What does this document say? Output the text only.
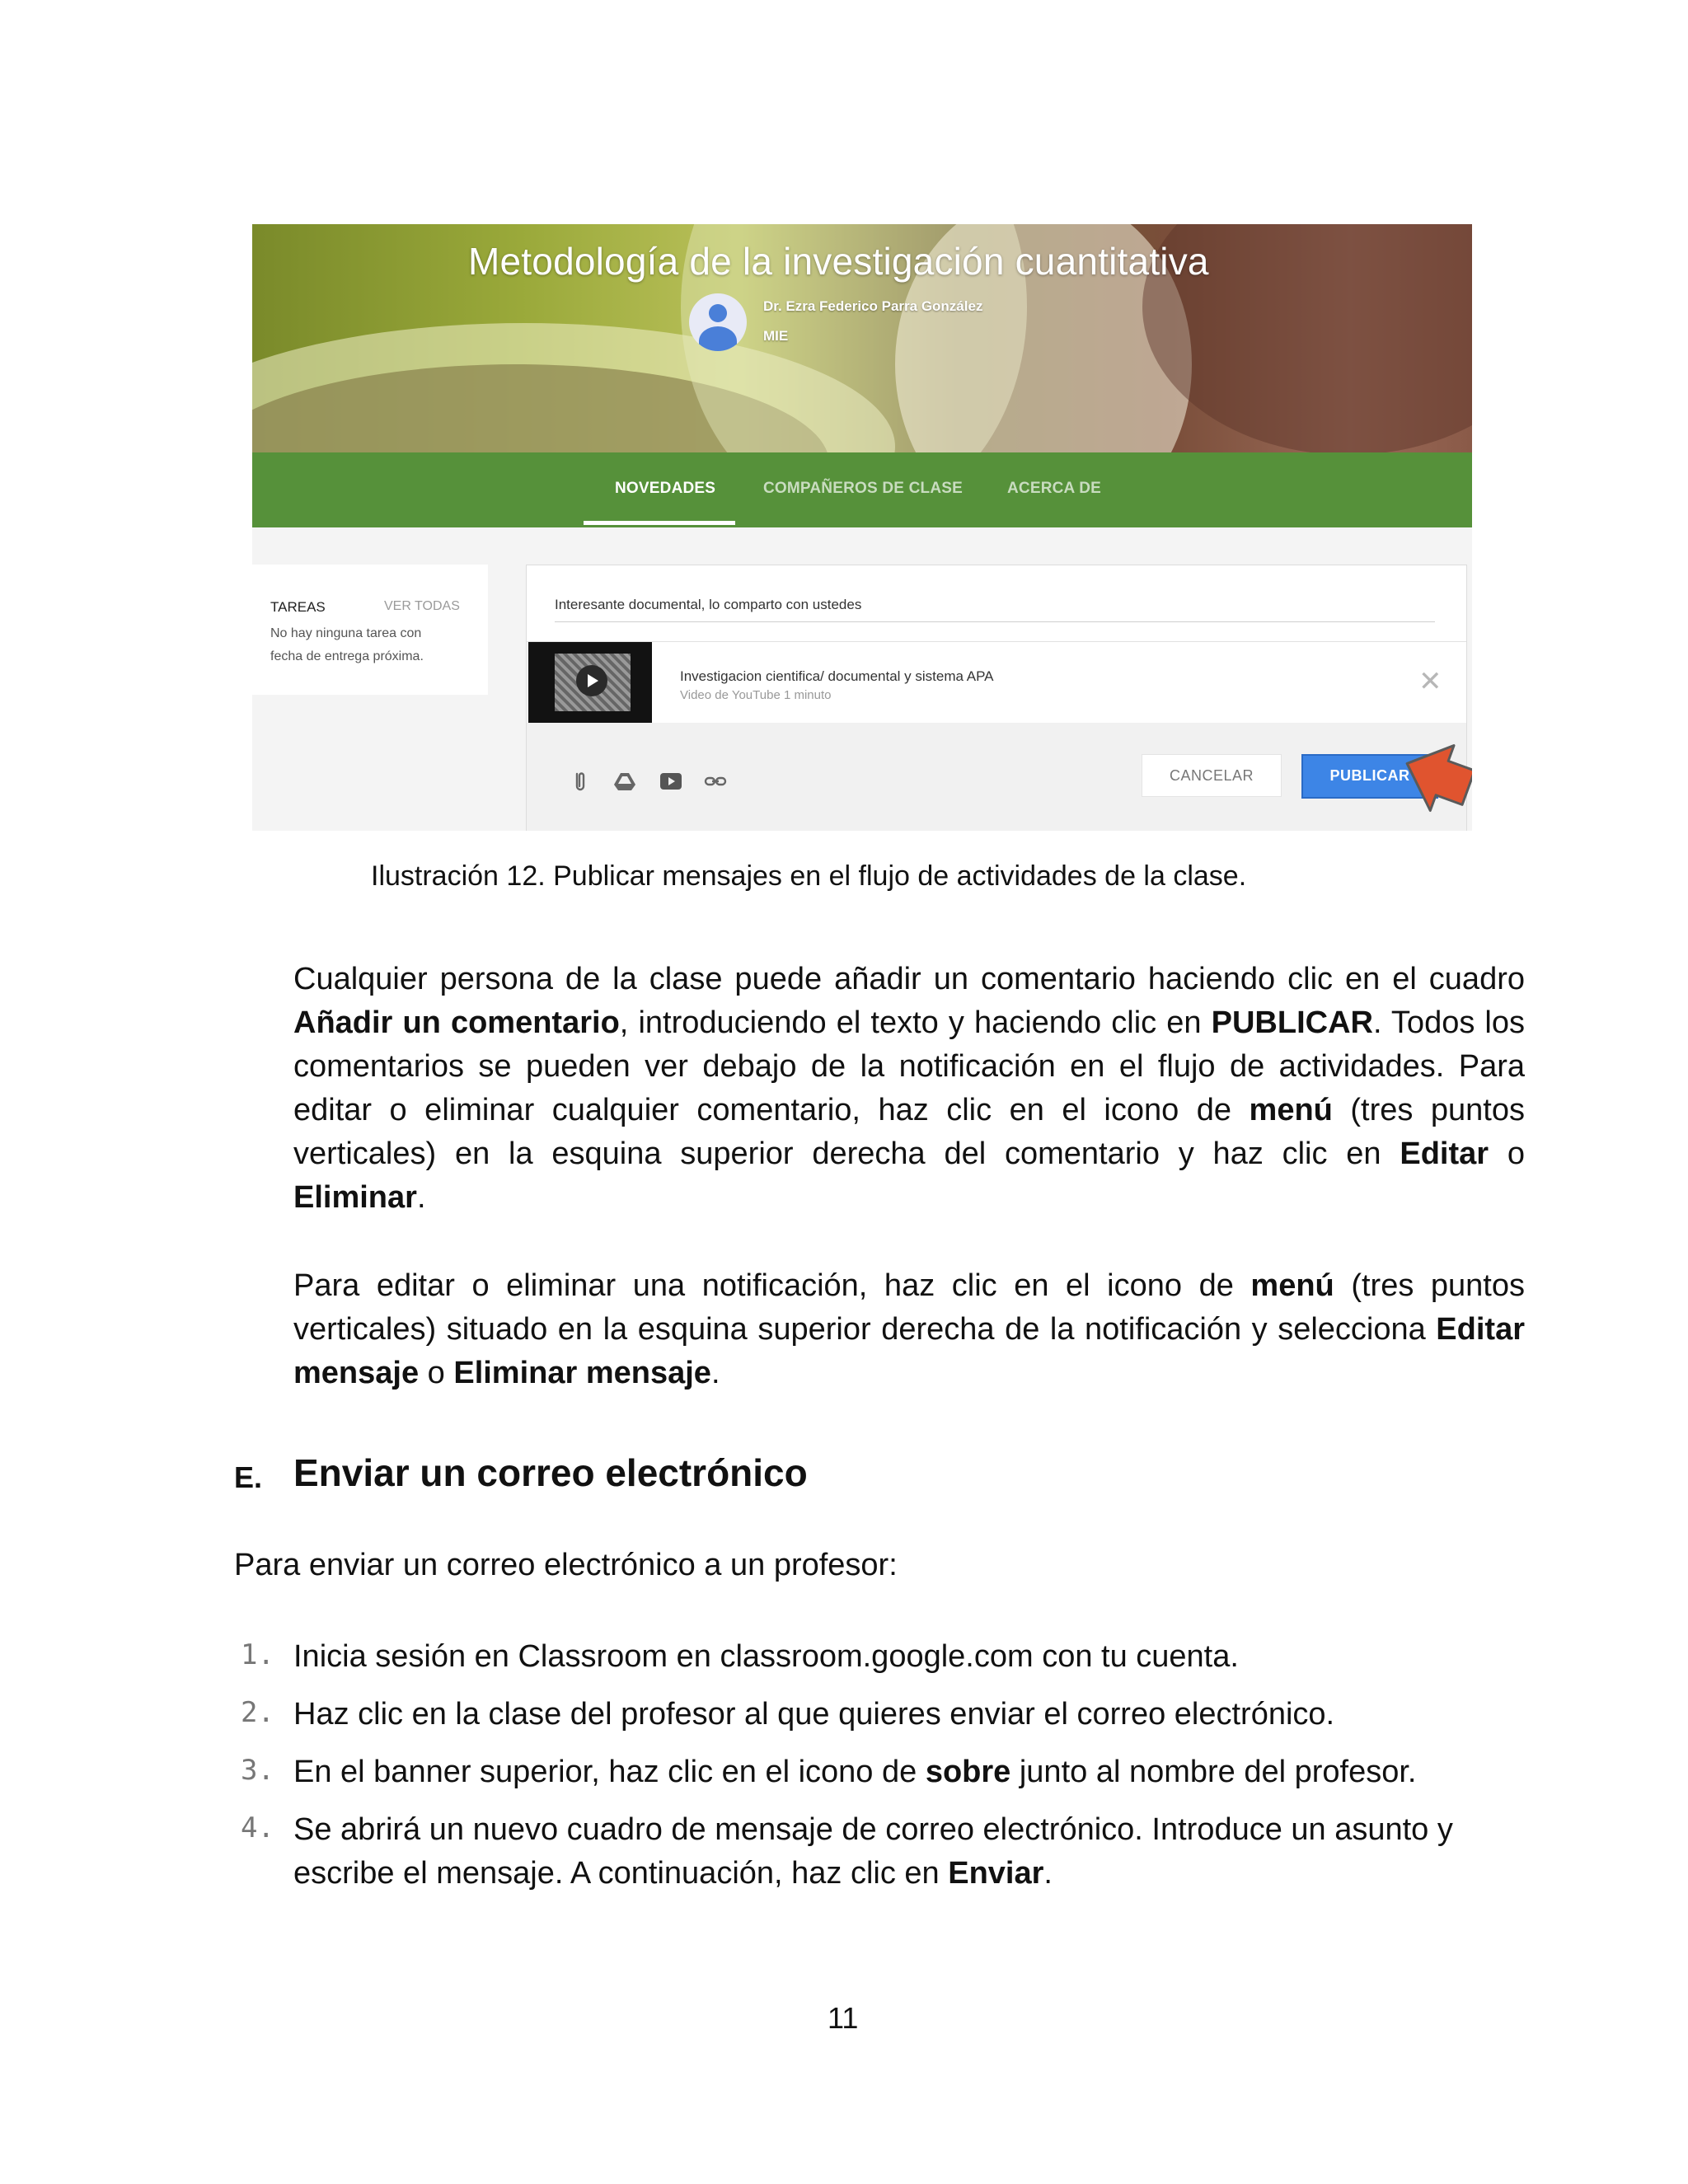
Metodología de la investigación cuantitativa
Dr. Ezra Federico Parra González
MIE
NOVEDADES	COMPAÑEROS DE CLASE	ACERCA DE
TAREAS	VER TODAS
No hay ninguna tarea con
fecha de entrega próxima.
Interesante documental, lo comparto con ustedes
Investigacion cientifica/ documental y sistema APA
Video de YouTube 1 minuto	✕
CANCELAR	PUBLICAR
Ilustración 12. Publicar mensajes en el flujo de actividades de la clase.
Cualquier persona de la clase puede añadir un comentario haciendo clic en el cuadro Añadir un comentario, introduciendo el texto y haciendo clic en PUBLICAR. Todos los comentarios se pueden ver debajo de la notificación en el flujo de actividades. Para editar o eliminar cualquier comentario, haz clic en el icono de menú (tres puntos verticales) en la esquina superior derecha del comentario y haz clic en Editar o Eliminar.
Para editar o eliminar una notificación, haz clic en el icono de menú (tres puntos verticales) situado en la esquina superior derecha de la notificación y selecciona Editar mensaje o Eliminar mensaje.
E. Enviar un correo electrónico
Para enviar un correo electrónico a un profesor:
1. Inicia sesión en Classroom en classroom.google.com con tu cuenta.
2. Haz clic en la clase del profesor al que quieres enviar el correo electrónico.
3. En el banner superior, haz clic en el icono de sobre junto al nombre del profesor.
4. Se abrirá un nuevo cuadro de mensaje de correo electrónico. Introduce un asunto y escribe el mensaje. A continuación, haz clic en Enviar.
11
